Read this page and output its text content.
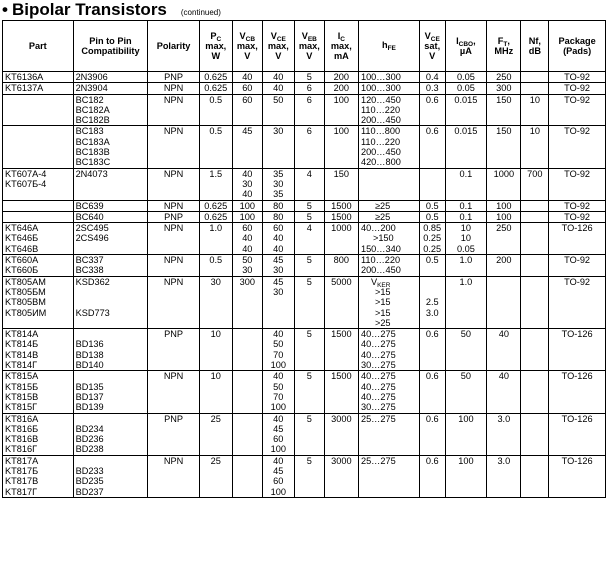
• Bipolar Transistors (continued)
Part	Pin to Pin
Compatibility	Polarity	$P_C$
max,
W	$V_{CB}$
max,
V	$V_{CE}$
max,
V	$V_{EB}$
max,
V	$I_C$
max,
mA	$h_{FE}$	$V_{CE}$
sat,
V	$I_{CBO}$,
µA	$F_T$,
MHz	Nf,
dB	Package
(Pads)

KT6136A	2N3906	PNP	0.625	40	40	5	200	100…300	0.4	0.05	250		TO-92

KT6137A	2N3904	NPN	0.625	60	40	6	200	100…300	0.3	0.05	300		TO-92

	BC182
BC182A
BC182B	NPN	0.5	60	50	6	100	120…450
110…220
200…450	0.6	0.015	150	10	TO-92

	BC183
BC183A
BC183B
BC183C	NPN	0.5	45	30	6	100	110…800
110…220
200…450
420…800	0.6	0.015	150	10	TO-92

KT607A-4
KT607Б-4	2N4073	NPN	1.5	40
30
40	35
30
35	4	150			0.1	1000	700	TO-92

	BC639	NPN	0.625	100	80	5	1500	≥25	0.5	0.1	100		TO-92

	BC640	PNP	0.625	100	80	5	1500	≥25	0.5	0.1	100		TO-92

KT646A
KT646Б
KT646B	2SC495
2CS496	NPN	1.0	60
40
40	60
40
40	4	1000	40…200
>150
150…340	0.85
0.25
0.25	10
10
0.05	250		TO-126

KT660A
KT660Б	BC337
BC338	NPN	0.5	50
30	45
30	5	800	110…220
200…450	0.5	1.0	200		TO-92

KT805AM
KT805БM
KT805BM
KT805ИM	KSD362
KSD773	NPN	30	300	45
30	5	5000	$V_{KER}$
>15
>15
>15
>25	2.5
3.0	1.0			TO-92

KT814A
KT814Б
KT814B
KT814Г	BD136
BD138
BD140	PNP	10		40
50
70
100	5	1500	40…275
40…275
40…275
30…275	0.6	50	40		TO-126

KT815A
KT815Б
KT815B
KT815Г	BD135
BD137
BD139	NPN	10		40
50
70
100	5	1500	40…275
40…275
40…275
30…275	0.6	50	40		TO-126

KT816A
KT816Б
KT816B
KT816Г	BD234
BD236
BD238	PNP	25		40
45
60
100	5	3000	25…275	0.6	100	3.0		TO-126

KT817A
KT817Б
KT817B
KT817Г	BD233
BD235
BD237	NPN	25		40
45
60
100	5	3000	25…275	0.6	100	3.0		TO-126
